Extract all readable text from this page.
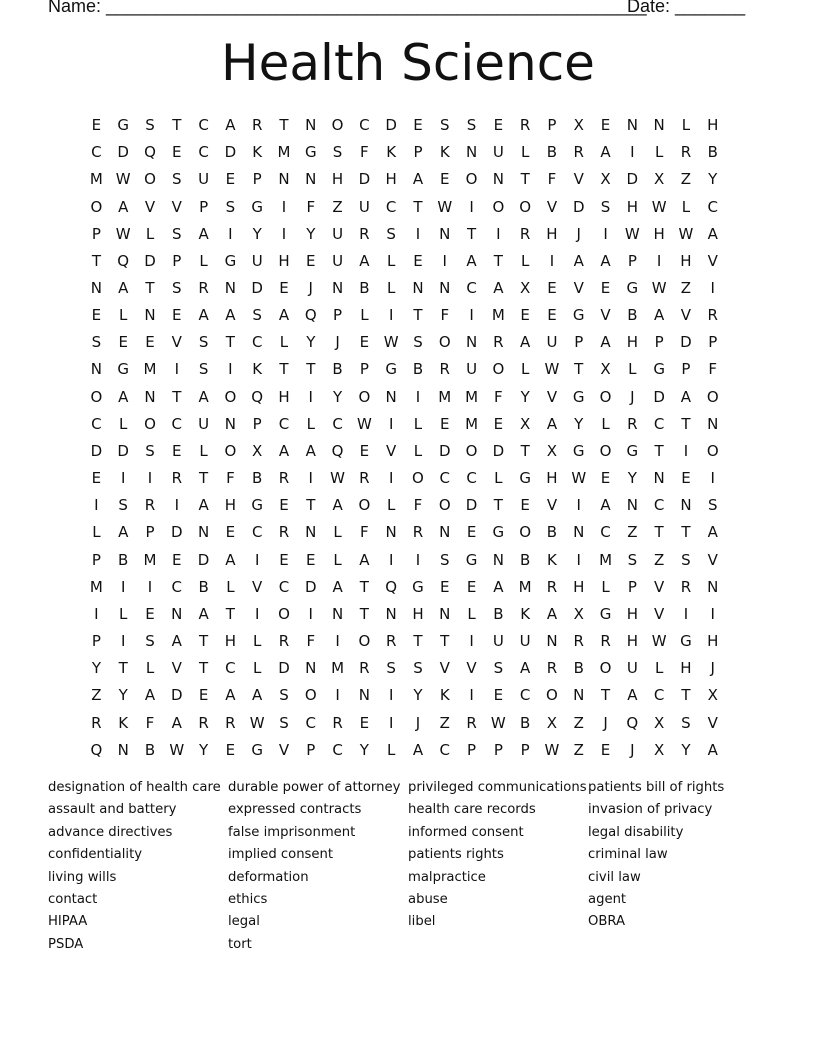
Name: ______________________________________________________
Date: _______
Health Science
E	G	S	T	C	A	R	T	N	O	C	D	E	S	S	E	R	P	X	E	N	N	L	H
C	D	Q	E	C	D	K	M G	S	F	K	P	K	N	U	L	B	R	A	I	L	R	B
M W O	S	U	E	P	N	N	H	D	H	A	E	O	N	T	F	V	X	D	X	Z	Y
O	A	V	V	P	S	G	I	F	Z	U	C	T W	I	O O	V	D	S	H W	L	C
P W	L	S	A	I	Y	I	Y	U	R	S	I	N	T	I	R	H	J	I	W H W A
T	Q	D	P	L	G	U	H	E	U	A	L	E	I	A	T	L	I	A	A	P	I	H	V
N	A	T	S	R	N	D	E	J	N	B	L	N	N	C	A	X	E	V	E	G W Z	I
E	L	N	E	A	A	S	A	Q	P	L	I	T	F	I	M	E	E	G	V	B	A	V	R
S	E	E	V	S	T	C	L	Y	J	E W S	O	N	R	A	U	P	A	H	P	D	P
N	G M	I	S	I	K	T	T	B	P	G	B	R	U	O	L	W T	X	L	G	P	F
O	A	N	T	A	O Q	H	I	Y	O	N	I	M M	F	Y	V	G	O	J	D	A	O
C	L	O	C	U	N	P	C	L	C W	I	L	E	M	E	X	A	Y	L	R	C	T	N
D	D	S	E	L	O	X	A	A	Q	E	V	L	D	O	D	T	X	G	O	G	T	I	O
E	I	I	R	T	F	B	R	I	W R	I	O	C	C	L	G	H W E	Y	N	E	I
I	S	R	I	A	H	G	E	T	A	O	L	F	O	D	T	E	V	I	A	N	C	N	S
L	A	P	D	N	E	C	R	N	L	F	N	R	N	E	G	O	B	N	C	Z	T	T	A
P	B	M	E	D	A	I	E	E	L	A	I	I	S	G	N	B	K	I	M	S	Z	S	V
M	I	I	C	B	L	V	C	D	A	T	Q	G	E	E	A	M	R	H	L	P	V	R	N
I	L	E	N	A	T	I	O	I	N	T	N	H	N	L	B	K	A	X	G	H	V	I	I
P	I	S	A	T	H	L	R	F	I	O	R	T	T	I	U	U	N	R	R	H W G	H
Y	T	L	V	T	C	L	D	N M	R	S	S	V	V	S	A	R	B	O	U	L	H	J
Z	Y	A	D	E	A	A	S	O	I	N	I	Y	K	I	E	C	O	N	T	A	C	T	X
R	K	F	A	R	R W S	C	R	E	I	J	Z	R W B	X	Z	J	Q	X	S	V
Q	N	B W Y	E	G	V	P	C	Y	L	A	C	P	P	P W Z	E	J	X	Y	A
designation of health care
assault and battery
advance directives
confidentiality
living wills
contact
HIPAA
PSDA
durable power of attorney
expressed contracts
false imprisonment
implied consent
deformation
ethics
legal
tort
privileged communications
health care records
informed consent
patients rights
malpractice
abuse
libel
patients bill of rights
invasion of privacy
legal disability
criminal law
civil law
agent
OBRA
